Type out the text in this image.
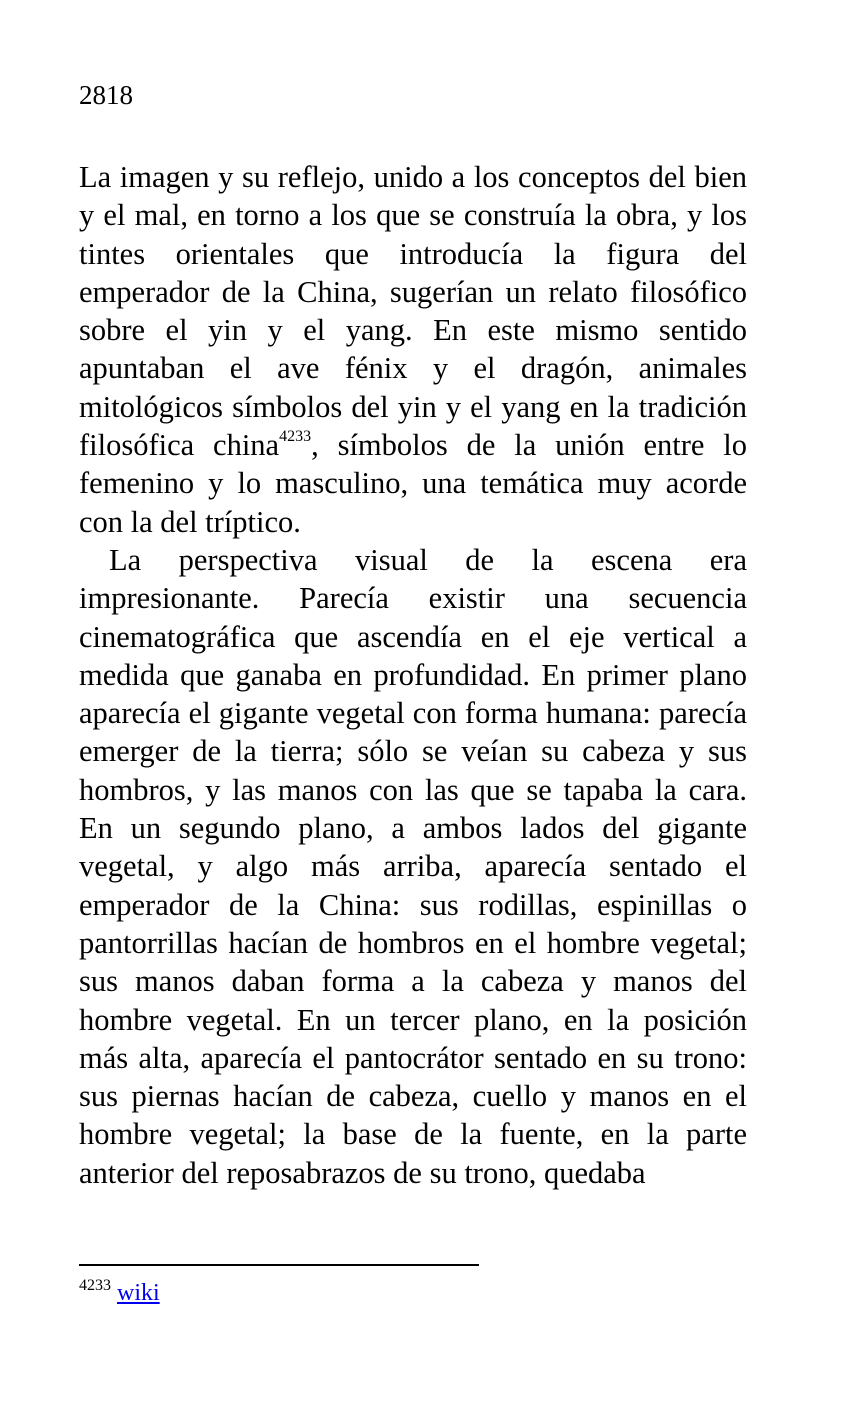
2818

La imagen y su reflejo, unido a los conceptos del bien y el mal, en torno a los que se construía la obra, y los tintes orientales que introducía la figura del emperador de la China, sugerían un relato filosófico sobre el yin y el yang. En este mismo sentido apuntaban el ave fénix y el dragón, animales mitológicos símbolos del yin y el yang en la tradición filosófica china$^{4233}$, símbolos de la unión entre lo femenino y lo masculino, una temática muy acorde con la del tríptico.

La perspectiva visual de la escena era impresionante. Parecía existir una secuencia cinematográfica que ascendía en el eje vertical a medida que ganaba en profundidad. En primer plano aparecía el gigante vegetal con forma humana: parecía emerger de la tierra; sólo se veían su cabeza y sus hombros, y las manos con las que se tapaba la cara. En un segundo plano, a ambos lados del gigante vegetal, y algo más arriba, aparecía sentado el emperador de la China: sus rodillas, espinillas o pantorrillas hacían de hombros en el hombre vegetal; sus manos daban forma a la cabeza y manos del hombre vegetal. En un tercer plano, en la posición más alta, aparecía el pantocrátor sentado en su trono: sus piernas hacían de cabeza, cuello y manos en el hombre vegetal; la base de la fuente, en la parte anterior del reposabrazos de su trono, quedaba

$^{4233}$ wiki
